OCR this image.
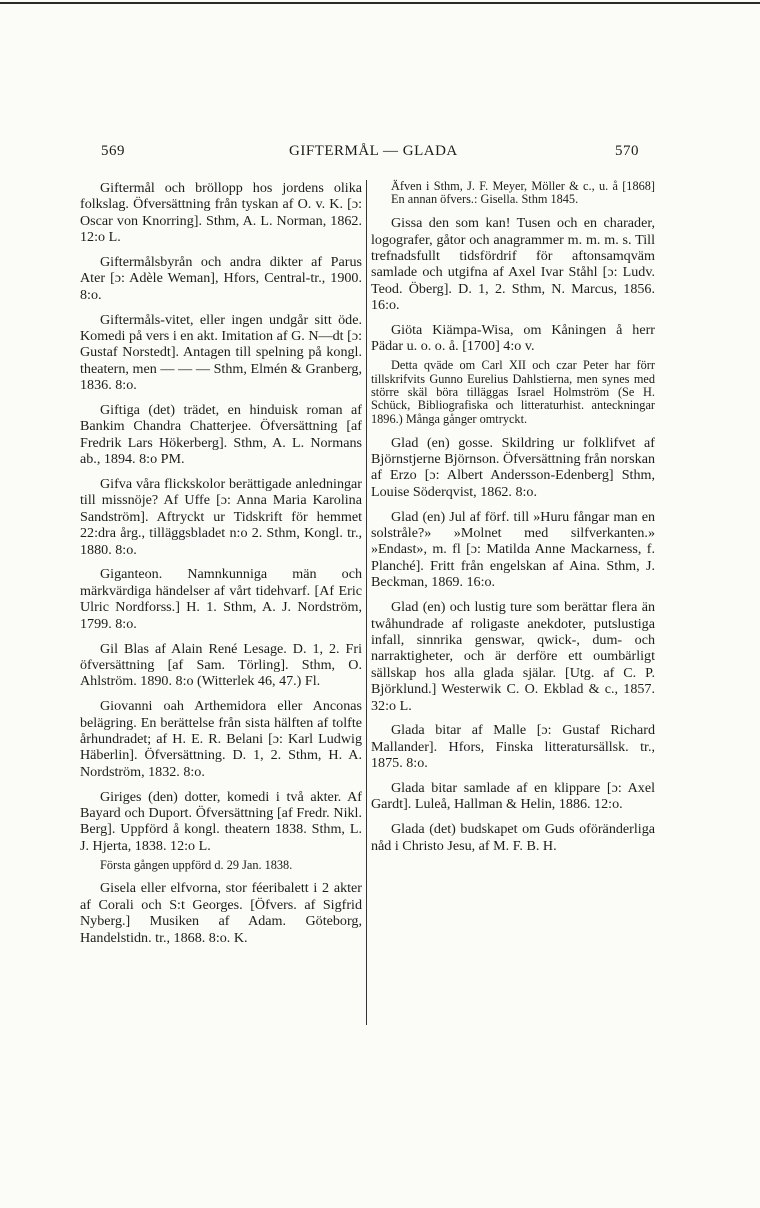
569	GIFTERMÅL — GLADA	570

Giftermål och bröllopp hos jordens olika folkslag. Öfversättning från tyskan af O. v. K. [ɔ: Oscar von Knorring]. Sthm, A. L. Norman, 1862. 12:o L.

Giftermålsbyrån och andra dikter af Parus Ater [ɔ: Adèle Weman], Hfors, Central-tr., 1900. 8:o.

Giftermåls-vitet, eller ingen undgår sitt öde. Komedi på vers i en akt. Imitation af G. N—dt [ɔ: Gustaf Norstedt]. Antagen till spelning på kongl. theatern, men — — — Sthm, Elmén & Granberg, 1836. 8:o.

Giftiga (det) trädet, en hinduisk roman af Bankim Chandra Chatterjee. Öfversättning [af Fredrik Lars Hökerberg]. Sthm, A. L. Normans ab., 1894. 8:o PM.

Gifva våra flickskolor berättigade anledningar till missnöje? Af Uffe [ɔ: Anna Maria Karolina Sandström]. Aftryckt ur Tidskrift för hemmet 22:dra årg., tilläggsbladet n:o 2. Sthm, Kongl. tr., 1880. 8:o.

Giganteon. Namnkunniga män och märkvärdiga händelser af vårt tidehvarf. [Af Eric Ulric Nordforss.] H. 1. Sthm, A. J. Nordström, 1799. 8:o.

Gil Blas af Alain René Lesage. D. 1, 2. Fri öfversättning [af Sam. Törling]. Sthm, O. Ahlström. 1890. 8:o (Witterlek 46, 47.) Fl.

Giovanni oah Arthemidora eller Anconas belägring. En berättelse från sista hälften af tolfte århundradet; af H. E. R. Belani [ɔ: Karl Ludwig Häberlin]. Öfversättning. D. 1, 2. Sthm, H. A. Nordström, 1832. 8:o.

Giriges (den) dotter, komedi i två akter. Af Bayard och Duport. Öfversättning [af Fredr. Nikl. Berg]. Uppförd å kongl. theatern 1838. Sthm, L. J. Hjerta, 1838. 12:o L.

Första gången uppförd d. 29 Jan. 1838.

Gisela eller elfvorna, stor féeribalett i 2 akter af Corali och S:t Georges. [Öfvers. af Sigfrid Nyberg.] Musiken af Adam. Göteborg, Handelstidn. tr., 1868. 8:o. K.

Äfven i Sthm, J. F. Meyer, Möller & c., u. å [1868] En annan öfvers.: Gisella. Sthm 1845.

Gissa den som kan! Tusen och en charader, logografer, gåtor och anagrammer m. m. m. s. Till trefnadsfullt tidsfördrif för aftonsamqväm samlade och utgifna af Axel Ivar Ståhl [ɔ: Ludv. Teod. Öberg]. D. 1, 2. Sthm, N. Marcus, 1856. 16:o.

Giöta Kiämpa-Wisa, om Kåningen å herr Pädar u. o. o. å. [1700] 4:o v.

Detta qväde om Carl XII och czar Peter har förr tillskrifvits Gunno Eurelius Dahlstierna, men synes med större skäl böra tilläggas Israel Holmström (Se H. Schück, Bibliografiska och litteraturhist. anteckningar 1896.) Många gånger omtryckt.

Glad (en) gosse. Skildring ur folklifvet af Björnstjerne Björnson. Öfversättning från norskan af Erzo [ɔ: Albert Andersson-Edenberg] Sthm, Louise Söderqvist, 1862. 8:o.

Glad (en) Jul af förf. till »Huru fångar man en solstråle?» »Molnet med silfverkanten.» »Endast», m. fl [ɔ: Matilda Anne Mackarness, f. Planché]. Fritt från engelskan af Aina. Sthm, J. Beckman, 1869. 16:o.

Glad (en) och lustig ture som berättar flera än twåhundrade af roligaste anekdoter, putslustiga infall, sinnrika genswar, qwick-, dum- och narraktigheter, och är derföre ett oumbärligt sällskap hos alla glada själar. [Utg. af C. P. Björklund.] Westerwik C. O. Ekblad & c., 1857. 32:o L.

Glada bitar af Malle [ɔ: Gustaf Richard Mallander]. Hfors, Finska litteratursällsk. tr., 1875. 8:o.

Glada bitar samlade af en klippare [ɔ: Axel Gardt]. Luleå, Hallman & Helin, 1886. 12:o.

Glada (det) budskapet om Guds oföränderliga nåd i Christo Jesu, af M. F. B. H.
